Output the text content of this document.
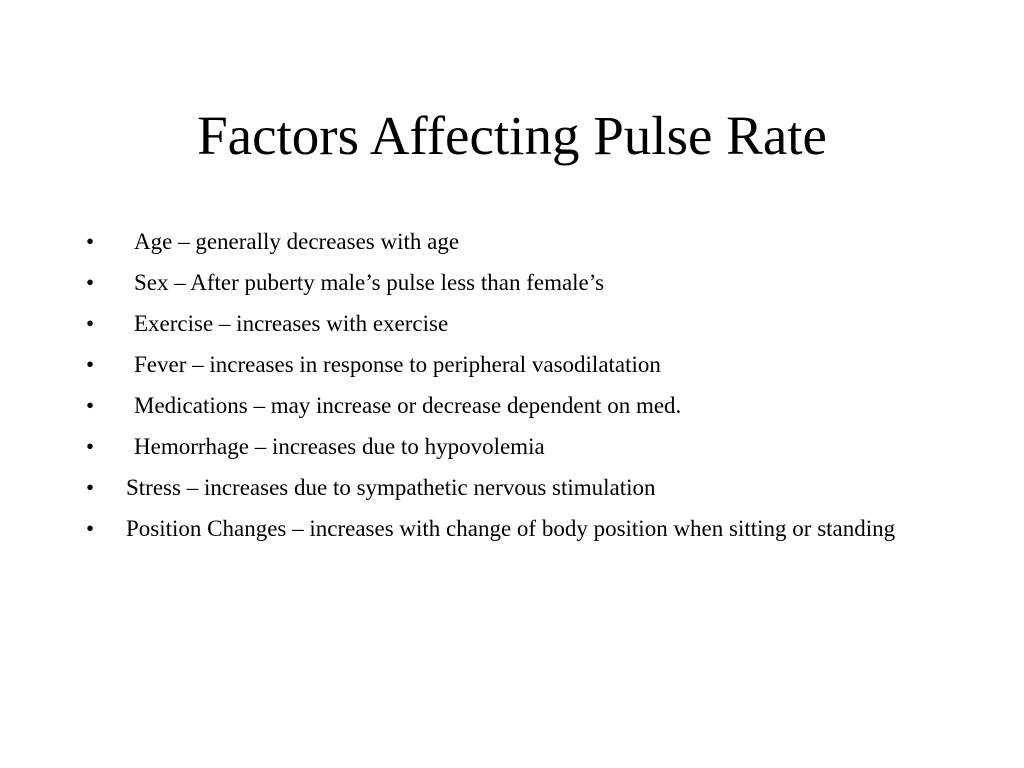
Factors Affecting Pulse Rate
• Age – generally decreases with age
• Sex – After puberty male’s pulse less than female’s
• Exercise – increases with exercise
• Fever – increases in response to peripheral vasodilatation
• Medications – may increase or decrease dependent on med.
• Hemorrhage – increases due to hypovolemia
• Stress – increases due to sympathetic nervous stimulation
• Position Changes – increases with change of body position when sitting or standing
